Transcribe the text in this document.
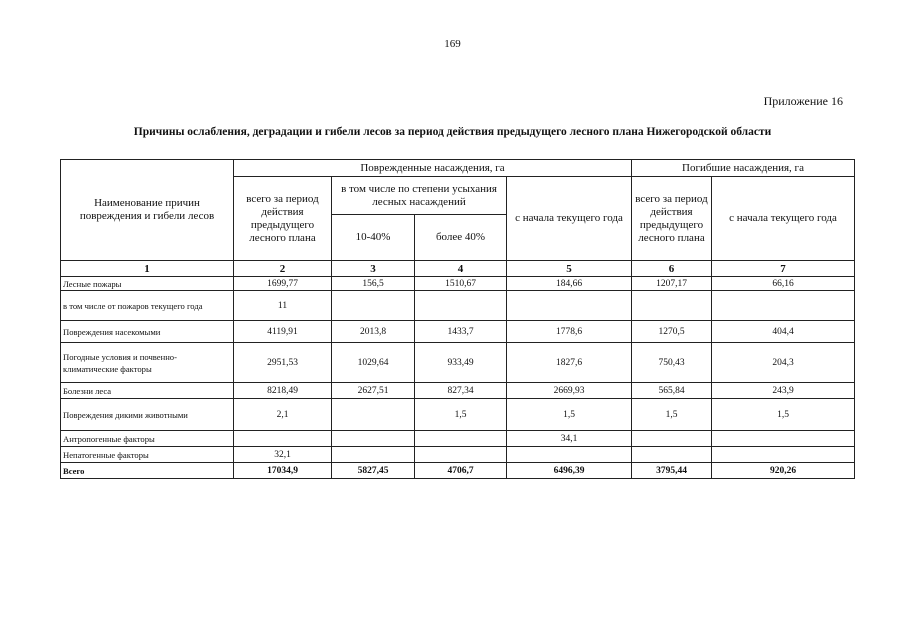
169
Приложение 16
Причины ослабления, деградации и гибели лесов за период действия предыдущего лесного плана Нижегородской области
Наименование причин повреждения и гибели лесов	Поврежденные насаждения, га				Погибшие насаждения, га	
	всего за период действия предыдущего лесного плана	в том числе по степени усыхания лесных насаждений		с начала текущего года	всего за период действия предыдущего лесного плана	с начала текущего года
		10-40%	более 40%			
1	2	3	4	5	6	7
Лесные пожары	1699,77	156,5	1510,67	184,66	1207,17	66,16
в том числе от пожаров текущего года	11					
Повреждения насекомыми	4119,91	2013,8	1433,7	1778,6	1270,5	404,4
Погодные условия и почвенно-климатические факторы	2951,53	1029,64	933,49	1827,6	750,43	204,3
Болезни леса	8218,49	2627,51	827,34	2669,93	565,84	243,9
Повреждения дикими животными	2,1		1,5	1,5	1,5	1,5
Антропогенные факторы				34,1		
Непатогенные факторы	32,1					
Всего	17034,9	5827,45	4706,7	6496,39	3795,44	920,26
